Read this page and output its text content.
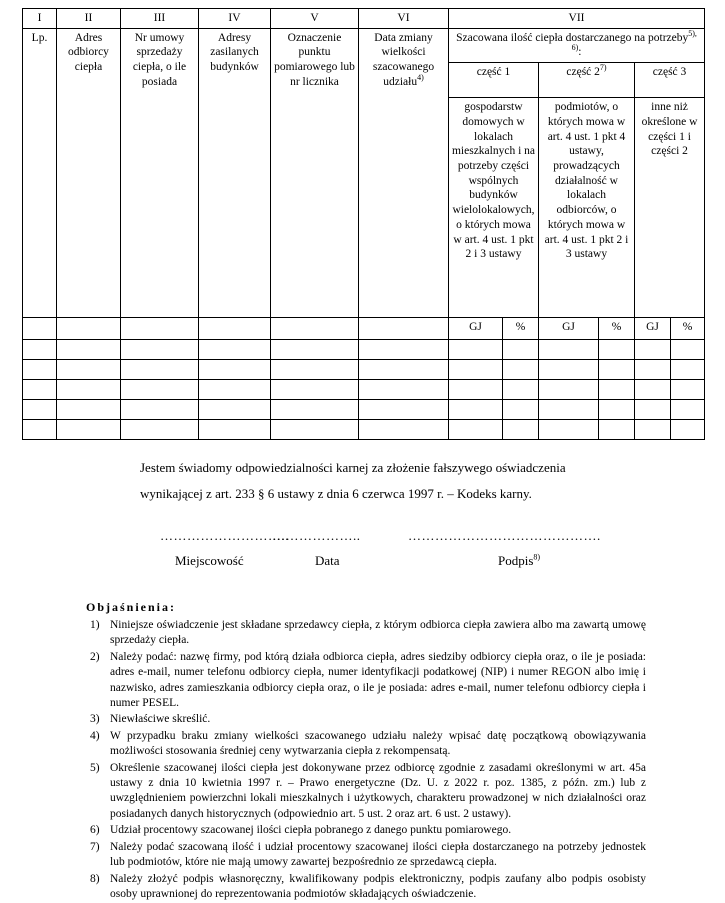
I	II	III	IV	V	VI	VII					
Lp.	Adres odbiorcy ciepła	Nr umowy sprzedaży ciepła, o ile posiada	Adresy zasilanych budynków	Oznaczenie punktu pomiarowego lub nr licznika	Data zmiany wielkości szacowanego udziału$^{4)}$	Szacowana ilość ciepła dostarczanego na potrzeby$^{5), 6)}$:					
						część 1		część 2$^{7)}$		część 3	
						gospodarstw domowych w lokalach mieszkalnych i na potrzeby części wspólnych budynków wielolokalowych, o których mowa w art. 4 ust. 1 pkt 2 i 3 ustawy		podmiotów, o których mowa w art. 4 ust. 1 pkt 4 ustawy, prowadzących działalność w lokalach odbiorców, o których mowa w art. 4 ust. 1 pkt 2 i 3 ustawy		inne niż określone w części 1 i części 2	
						GJ	%	GJ	%	GJ	%

Jestem świadomy odpowiedzialności karnej za złożenie fałszywego oświadczenia
wynikającej z art. 233 § 6 ustawy z dnia 6 czerwca 1997 r. – Kodeks karny.
………………………..
………………..	…………………………………….
Miejscowość	Data	Podpis$^{8)}$
Objaśnienia:
1) Niniejsze oświadczenie jest składane sprzedawcy ciepła, z którym odbiorca ciepła zawiera albo ma zawartą umowę sprzedaży ciepła.
2) Należy podać: nazwę firmy, pod którą działa odbiorca ciepła, adres siedziby odbiorcy ciepła oraz, o ile je posiada: adres e-mail, numer telefonu odbiorcy ciepła, numer identyfikacji podatkowej (NIP) i numer REGON albo imię i nazwisko, adres zamieszkania odbiorcy ciepła oraz, o ile je posiada: adres e-mail, numer telefonu odbiorcy ciepła i numer PESEL.
3) Niewłaściwe skreślić.
4) W przypadku braku zmiany wielkości szacowanego udziału należy wpisać datę początkową obowiązywania możliwości stosowania średniej ceny wytwarzania ciepła z rekompensatą.
5) Określenie szacowanej ilości ciepła jest dokonywane przez odbiorcę zgodnie z zasadami określonymi w art. 45a ustawy z dnia 10 kwietnia 1997 r. – Prawo energetyczne (Dz. U. z 2022 r. poz. 1385, z późn. zm.) lub z uwzględnieniem powierzchni lokali mieszkalnych i użytkowych, charakteru prowadzonej w nich działalności oraz posiadanych danych historycznych (odpowiednio art. 5 ust. 2 oraz art. 6 ust. 2 ustawy).
6) Udział procentowy szacowanej ilości ciepła pobranego z danego punktu pomiarowego.
7) Należy podać szacowaną ilość i udział procentowy szacowanej ilości ciepła dostarczanego na potrzeby jednostek lub podmiotów, które nie mają umowy zawartej bezpośrednio ze sprzedawcą ciepła.
8) Należy złożyć podpis własnoręczny, kwalifikowany podpis elektroniczny, podpis zaufany albo podpis osobisty osoby uprawnionej do reprezentowania podmiotów składających oświadczenie.
